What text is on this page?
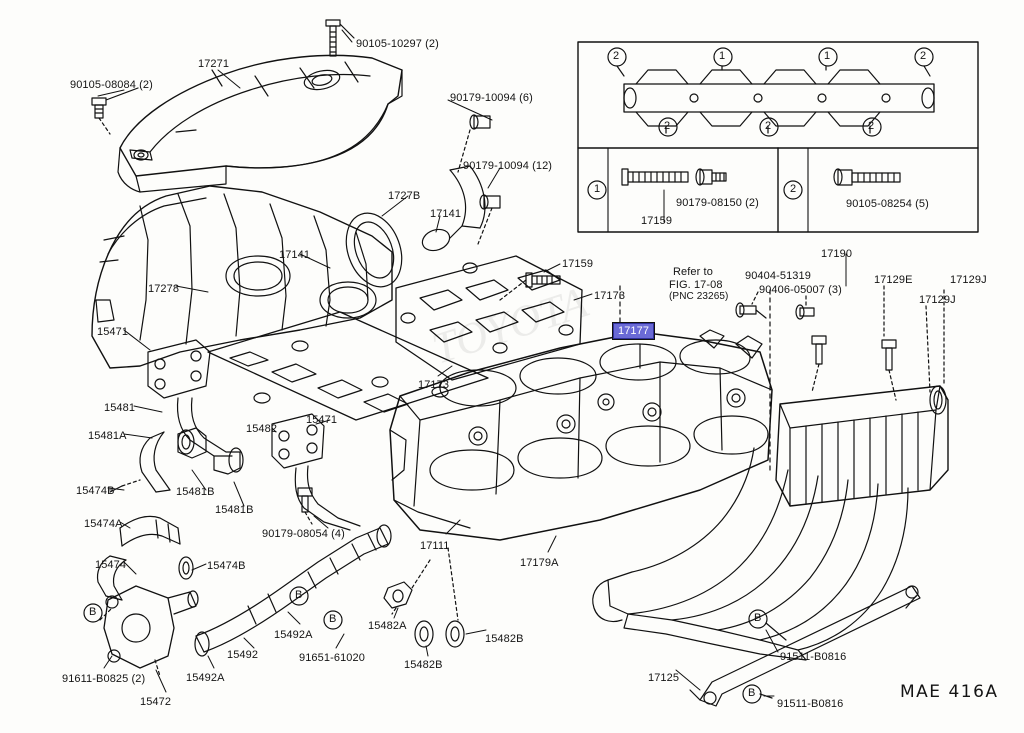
TOYOTA
90105-10297 (2)
17271
90105-08084 (2)
90179-10094 (6)
90179-10094 (12)
1727B
17141
17141
17159
17278
17173
15471
17173
15481
15481A
15482
15471
15481B
15481B
15474B
15474A
90179-08054 (4)
17111
17179A
15474	15474B
15492A
15492
15492A
15472
91611-B0825 (2)
91651-61020
15482A
15482B
15482B
17125
91511-B0816
91511-B0816
17190
17129E	17129J
17129J
90404-51319
90406-05007 (3)
17159
90179-08150 (2)	90105-08254 (5)
Refer to
FIG. 17-08
(PNC 23265)
17177
MAE 416A
2	1	1	2
2	2	2
1	2
B
B
B	B
B
